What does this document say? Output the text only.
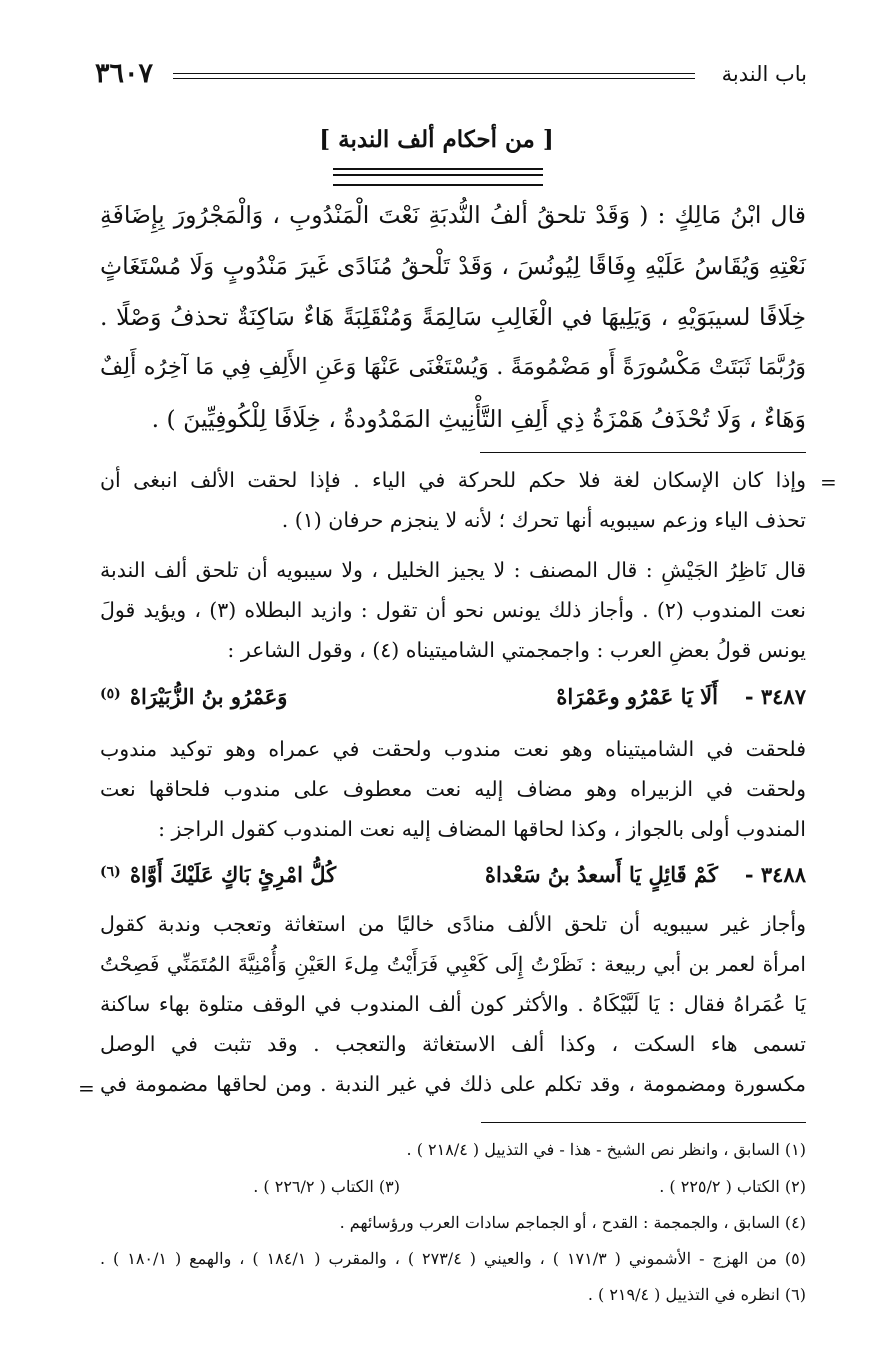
باب الندبة
٣٦٠٧
[ من أحكام ألف الندبة ]
قال ابْنُ مَالِكٍ : ( وَقَدْ تلحقُ ألفُ النُّدبَةِ نَعْتَ الْمَنْدُوبِ ، وَالْمَجْرُورَ بِإِضَافَةِ
نَعْتِهِ وَيُقَاسُ عَلَيْهِ وِفَاقًا لِيُونُسَ ، وَقَدْ تَلْحقُ مُنَادًى غَيرَ مَنْدُوبٍ وَلَا مُسْتَغَاثٍ
خِلَافًا لسيبَوَيْهِ ، وَيَلِيهَا في الْغَالِبِ سَالِمَةً وَمُنْقَلِبَةً هَاءٌ سَاكِنَةٌ تحذفُ وَصْلًا .
وَرُبَّمَا ثَبَتَتْ مَكْسُورَةً أَو مَضْمُومَةً . وَيُسْتَغْنَى عَنْهَا وَعَنِ الأَلِفِ فِي مَا آخِرُه أَلِفٌ
وَهَاءٌ ، وَلَا تُحْذَفُ هَمْزَةُ ذِي أَلِفِ التَّأْنِيثِ المَمْدُودةُ ، خِلَافًا لِلْكُوفِيِّينَ ) .
=
وإذا كان الإسكان لغة فلا حكم للحركة في الياء . فإذا لحقت الألف انبغى أن
تحذف الياء وزعم سيبويه أنها تحرك ؛ لأنه لا ينجزم حرفان (١) .
قال نَاظِرُ الجَيْشِ : قال المصنف : لا يجيز الخليل ، ولا سيبويه أن تلحق ألف الندبة
نعت المندوب (٢) . وأجاز ذلك يونس نحو أن تقول : وازيد البطلاه (٣) ، ويؤيد قولَ
يونس قولُ بعضِ العرب : واجمجمتي الشاميتيناه (٤) ، وقول الشاعر :
٣٤٨٧ -
أَلَا يَا عَمْرُو وعَمْرَاهْ
وَعَمْرُو بنُ الزُّبَيْرَاهْ
(٥)
فلحقت في الشاميتيناه وهو نعت مندوب ولحقت في عمراه وهو توكيد مندوب
ولحقت في الزبيراه وهو مضاف إليه نعت معطوف على مندوب فلحاقها نعت
المندوب أولى بالجواز ، وكذا لحاقها المضاف إليه نعت المندوب كقول الراجز :
٣٤٨٨ -
كَمْ قَائِلٍ يَا أَسعدُ بنُ سَعْداهْ
كُلُّ امْرِئٍ بَاكٍ عَلَيْكَ أَوَّاهْ
(٦)
وأجاز غير سيبويه أن تلحق الألف منادًى خاليًا من استغاثة وتعجب وندبة كقول
امرأة لعمر بن أبي ربيعة : نَظَرْتُ إِلَى كَعْبِي فَرَأَيْتُ مِلءَ العَيْنِ وَأُمْنِيَّةَ المُتَمَنِّي فَصِحْتُ
يَا عُمَراهُ فقال : يَا لَبَّيْكَاهُ . والأكثر كون ألف المندوب في الوقف متلوة بهاء ساكنة
تسمى هاء السكت ، وكذا ألف الاستغاثة والتعجب . وقد تثبت في الوصل
مكسورة ومضمومة ، وقد تكلم على ذلك في غير الندبة . ومن لحاقها مضمومة في
=
(١) السابق ، وانظر نص الشيخ - هذا - في التذييل ( ٢١٨/٤ ) .
(٢) الكتاب ( ٢٢٥/٢ ) .
(٣) الكتاب ( ٢٢٦/٢ ) .
(٤) السابق ، والجمجمة : القدح ، أو الجماجم سادات العرب ورؤسائهم .
(٥) من الهزج - الأشموني ( ١٧١/٣ ) ، والعيني ( ٢٧٣/٤ ) ، والمقرب ( ١٨٤/١ ) ، والهمع ( ١٨٠/١ ) .
(٦) انظره في التذييل ( ٢١٩/٤ ) .
